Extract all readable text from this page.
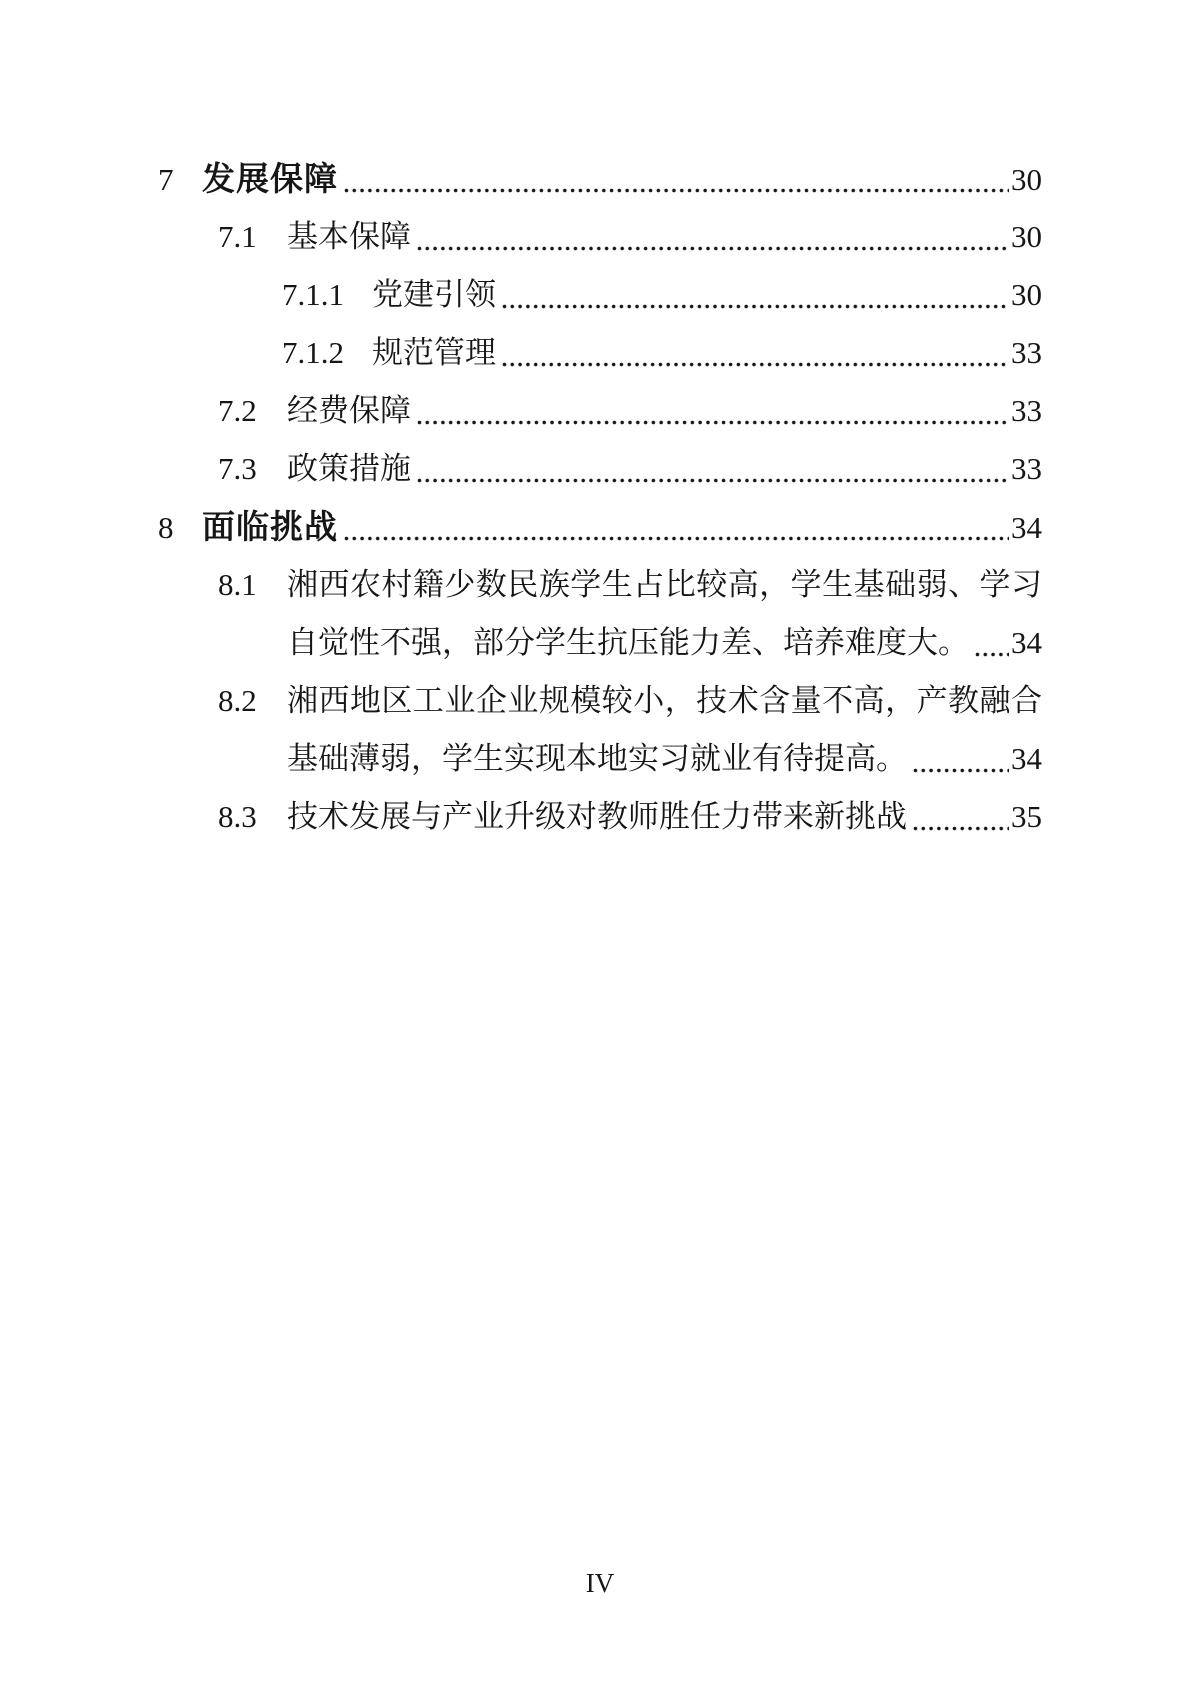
7 发展保障	30
7.1 基本保障	30
7.1.1 党建引领	30
7.1.2 规范管理	33
7.2 经费保障	33
7.3 政策措施	33
8 面临挑战	34
8.1 湘西农村籍少数民族学生占比较高，学生基础弱、学习
自觉性不强，部分学生抗压能力差、培养难度大。 34
8.2 湘西地区工业企业规模较小，技术含量不高，产教融合
基础薄弱，学生实现本地实习就业有待提高。	34
8.3 技术发展与产业升级对教师胜任力带来新挑战	35
IV
